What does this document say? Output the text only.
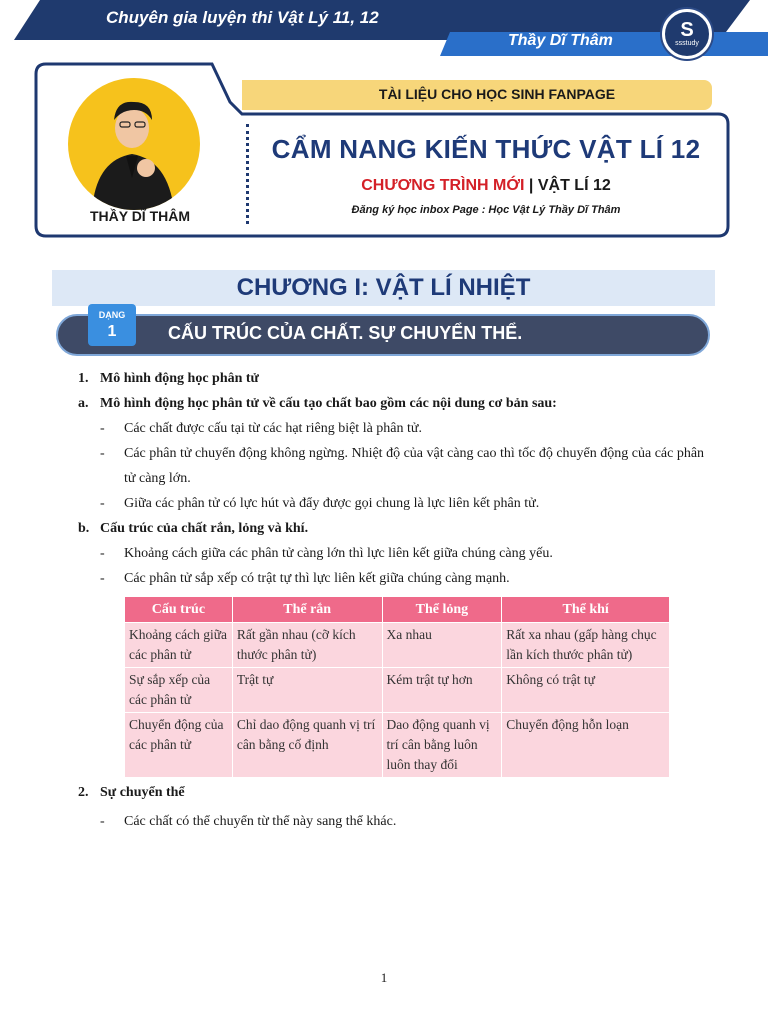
Chuyên gia luyện thi Vật Lý 11, 12
Thầy Dĩ Thâm	S
ssstudy
TÀI LIỆU CHO HỌC SINH FANPAGE
THẦY DĨ THÂM
CẨM NANG KIẾN THỨC VẬT LÍ 12
CHƯƠNG TRÌNH MỚI | VẬT LÍ 12
Đăng ký học inbox Page : Học Vật Lý Thầy Dĩ Thâm
CHƯƠNG I: VẬT LÍ NHIỆT
DẠNG
1	CẤU TRÚC CỦA CHẤT. SỰ CHUYỂN THỂ.
1. Mô hình động học phân tử
a. Mô hình động học phân tử về cấu tạo chất bao gồm các nội dung cơ bản sau:
- Các chất được cấu tại từ các hạt riêng biệt là phân tử.
- Các phân tử chuyển động không ngừng. Nhiệt độ của vật càng cao thì tốc độ chuyển động của các phân tử càng lớn.
- Giữa các phân tử có lực hút và đẩy được gọi chung là lực liên kết phân tử.
b. Cấu trúc của chất rắn, lỏng và khí.
- Khoảng cách giữa các phân tử càng lớn thì lực liên kết giữa chúng càng yếu.
- Các phân tử sắp xếp có trật tự thì lực liên kết giữa chúng càng mạnh.
Cấu trúc	Thể rắn	Thể lỏng	Thể khí
Khoảng cách giữa các phân tử	Rất gần nhau (cỡ kích thước phân tử)	Xa nhau	Rất xa nhau (gấp hàng chục lần kích thước phân tử)
Sự sắp xếp của các phân tử	Trật tự	Kém trật tự hơn	Không có trật tự
Chuyển động của các phân tử	Chỉ dao động quanh vị trí cân bằng cố định	Dao động quanh vị trí cân bằng luôn luôn thay đổi	Chuyển động hỗn loạn
2. Sự chuyển thể
- Các chất có thể chuyển từ thể này sang thể khác.
1
